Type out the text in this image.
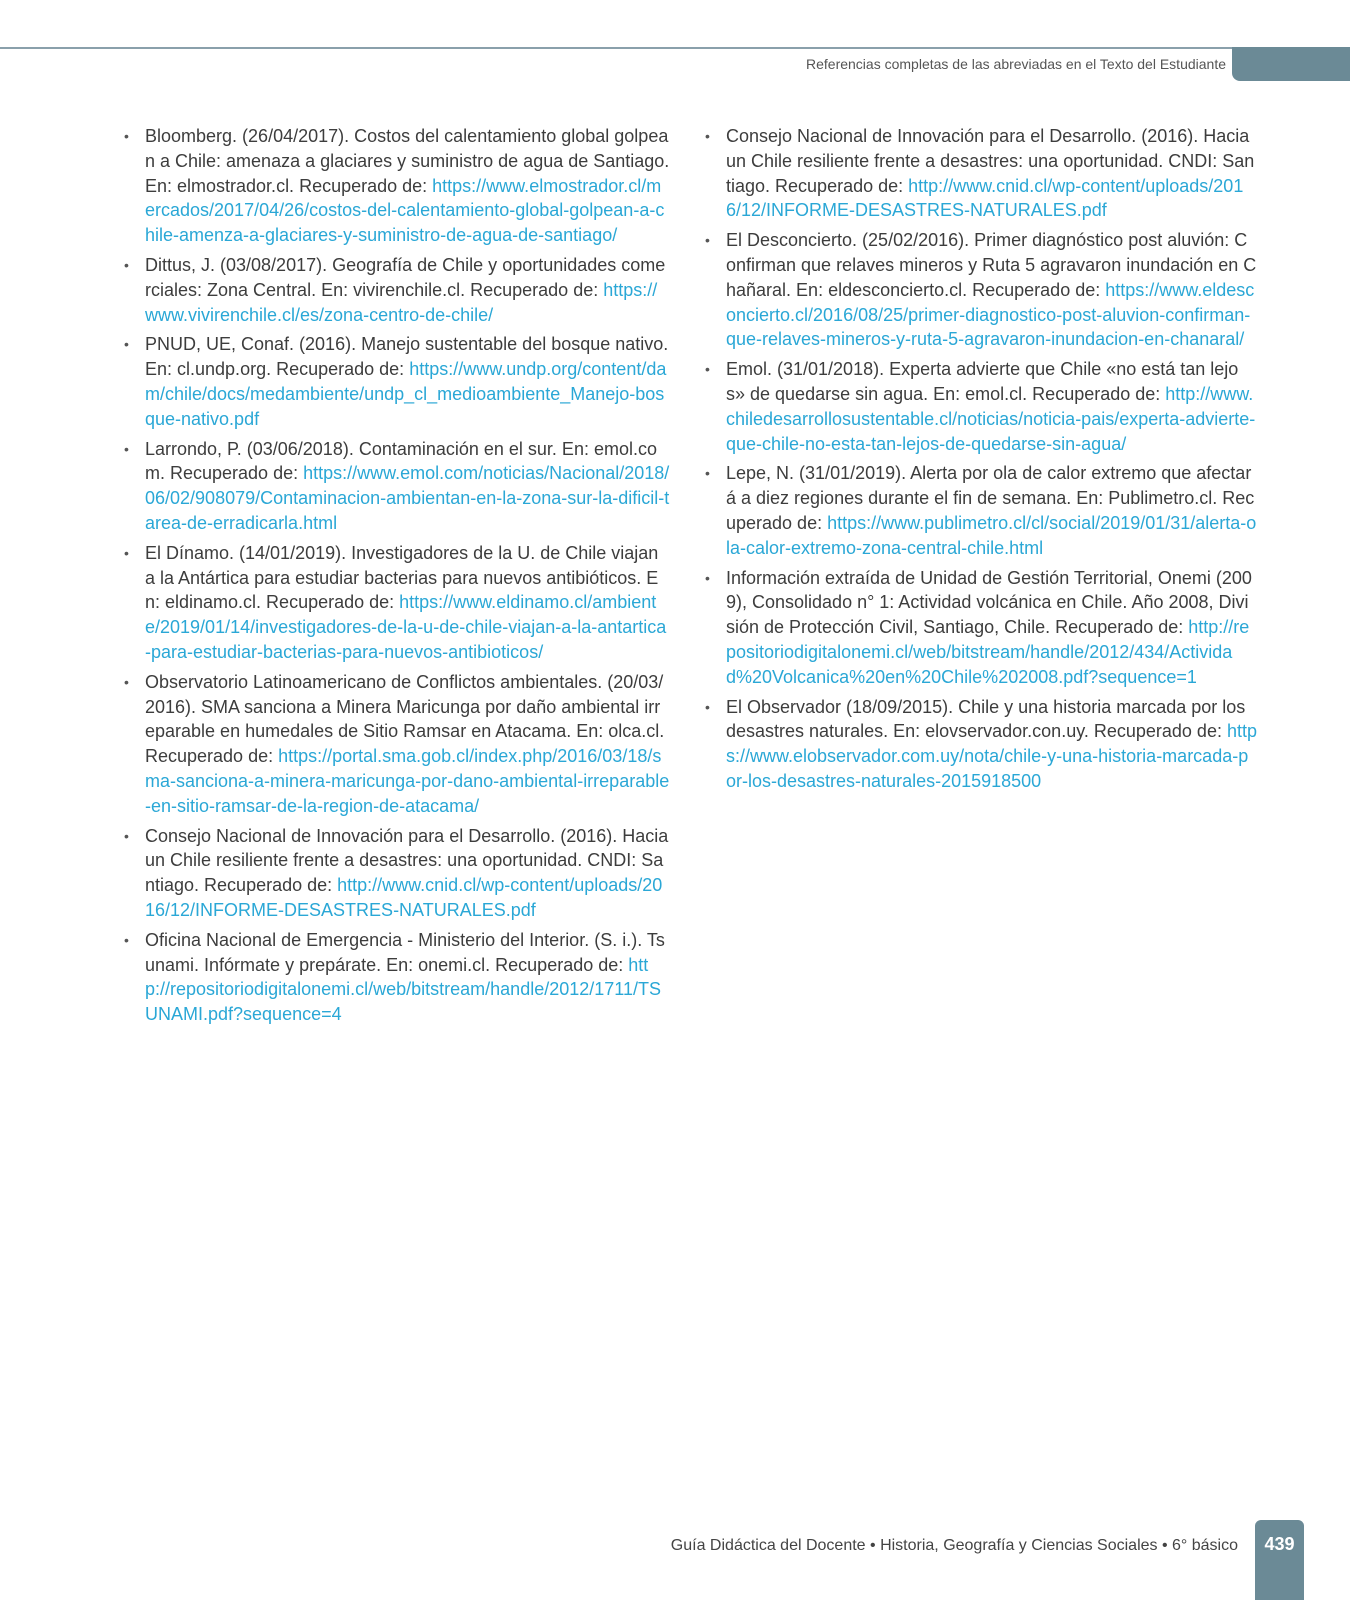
Referencias completas de las abreviadas en el Texto del Estudiante
• Bloomberg. (26/04/2017). Costos del calentamiento global golpean a Chile: amenaza a glaciares y suministro de agua de Santiago. En: elmostrador.cl. Recuperado de: https://www.elmostrador.cl/mercados/2017/04/26/costos-del-calentamiento-global-golpean-a-chile-amenza-a-glaciares-y-suministro-de-agua-de-santiago/
• Dittus, J. (03/08/2017). Geografía de Chile y oportunidades comerciales: Zona Central. En: vivirenchile.cl. Recuperado de: https://www.vivirenchile.cl/es/zona-centro-de-chile/
• PNUD, UE, Conaf. (2016). Manejo sustentable del bosque nativo. En: cl.undp.org. Recuperado de: https://www.undp.org/content/dam/chile/docs/medambiente/undp_cl_medioambiente_Manejo-bosque-nativo.pdf
• Larrondo, P. (03/06/2018). Contaminación en el sur. En: emol.com. Recuperado de: https://www.emol.com/noticias/Nacional/2018/06/02/908079/Contaminacion-ambientan-en-la-zona-sur-la-dificil-tarea-de-erradicarla.html
• El Dínamo. (14/01/2019). Investigadores de la U. de Chile viajan a la Antártica para estudiar bacterias para nuevos antibióticos. En: eldinamo.cl. Recuperado de: https://www.eldinamo.cl/ambiente/2019/01/14/investigadores-de-la-u-de-chile-viajan-a-la-antartica-para-estudiar-bacterias-para-nuevos-antibioticos/
• Observatorio Latinoamericano de Conflictos ambientales. (20/03/ 2016). SMA sanciona a Minera Maricunga por daño ambiental irreparable en humedales de Sitio Ramsar en Atacama. En: olca.cl. Recuperado de: https://portal.sma.gob.cl/index.php/2016/03/18/sma-sanciona-a-minera-maricunga-por-dano-ambiental-irreparable-en-sitio-ramsar-de-la-region-de-atacama/
• Consejo Nacional de Innovación para el Desarrollo. (2016). Hacia un Chile resiliente frente a desastres: una oportunidad. CNDI: Santiago. Recuperado de: http://www.cnid.cl/wp-content/uploads/2016/12/INFORME-DESASTRES-NATURALES.pdf
• Oficina Nacional de Emergencia - Ministerio del Interior. (S. i.). Tsunami. Infórmate y prepárate. En: onemi.cl. Recuperado de: http://repositoriodigitalonemi.cl/web/bitstream/handle/2012/1711/TSUNAMI.pdf?sequence=4
• Consejo Nacional de Innovación para el Desarrollo. (2016). Hacia un Chile resiliente frente a desastres: una oportunidad. CNDI: Santiago. Recuperado de: http://www.cnid.cl/wp-content/uploads/2016/12/INFORME-DESASTRES-NATURALES.pdf
• El Desconcierto. (25/02/2016). Primer diagnóstico post aluvión: Confirman que relaves mineros y Ruta 5 agravaron inundación en Chañaral. En: eldesconcierto.cl. Recuperado de: https://www.eldesconcierto.cl/2016/08/25/primer-diagnostico-post-aluvion-confirman-que-relaves-mineros-y-ruta-5-agravaron-inundacion-en-chanaral/
• Emol. (31/01/2018). Experta advierte que Chile «no está tan lejos» de quedarse sin agua. En: emol.cl. Recuperado de: http://www.chiledesarrollosustentable.cl/noticias/noticia-pais/experta-advierte-que-chile-no-esta-tan-lejos-de-quedarse-sin-agua/
• Lepe, N. (31/01/2019). Alerta por ola de calor extremo que afectará a diez regiones durante el fin de semana. En: Publimetro.cl. Recuperado de: https://www.publimetro.cl/cl/social/2019/01/31/alerta-ola-calor-extremo-zona-central-chile.html
• Información extraída de Unidad de Gestión Territorial, Onemi (2009), Consolidado n° 1: Actividad volcánica en Chile. Año 2008, División de Protección Civil, Santiago, Chile. Recuperado de: http://repositoriodigitalonemi.cl/web/bitstream/handle/2012/434/Actividad%20Volcanica%20en%20Chile%202008.pdf?sequence=1
• El Observador (18/09/2015). Chile y una historia marcada por los desastres naturales. En: elovservador.con.uy. Recuperado de: https://www.elobservador.com.uy/nota/chile-y-una-historia-marcada-por-los-desastres-naturales-2015918500
Guía Didáctica del Docente • Historia, Geografía y Ciencias Sociales • 6° básico	439
